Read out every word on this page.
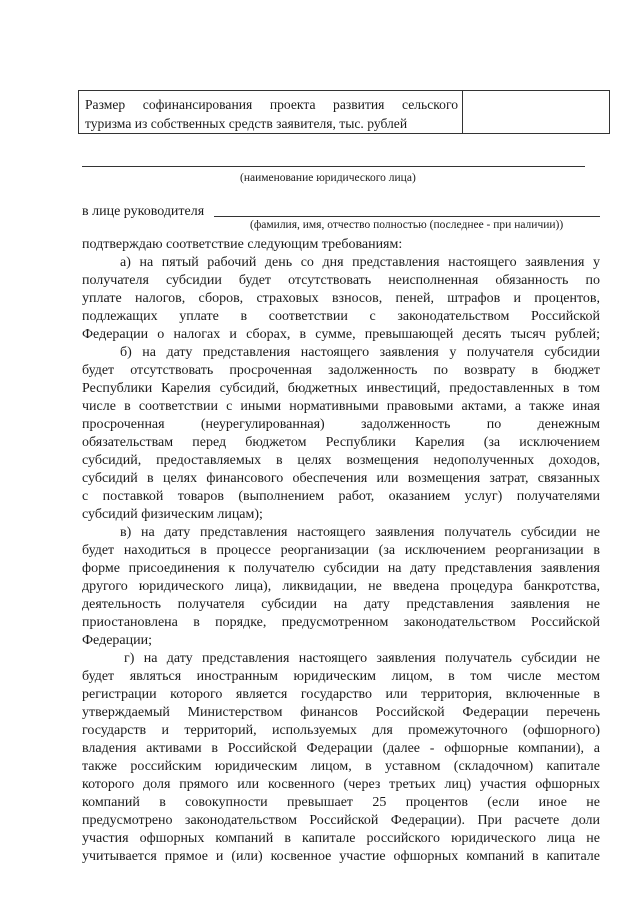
Размер софинансирования проекта развития сельского
туризма из собственных средств заявителя, тыс. рублей
(наименование юридического лица)
в лице руководителя
(фамилия, имя, отчество полностью (последнее - при наличии))
подтверждаю соответствие следующим требованиям:
а) на пятый рабочий день со дня представления настоящего заявления у
получателя субсидии будет отсутствовать неисполненная обязанность по
уплате налогов, сборов, страховых взносов, пеней, штрафов и процентов,
подлежащих уплате в соответствии с законодательством Российской
Федерации о налогах и сборах, в сумме, превышающей десять тысяч рублей;
б) на дату представления настоящего заявления у получателя субсидии
будет отсутствовать просроченная задолженность по возврату в бюджет
Республики Карелия субсидий, бюджетных инвестиций, предоставленных в том
числе в соответствии с иными нормативными правовыми актами, а также иная
просроченная (неурегулированная) задолженность по денежным
обязательствам перед бюджетом Республики Карелия (за исключением
субсидий, предоставляемых в целях возмещения недополученных доходов,
субсидий в целях финансового обеспечения или возмещения затрат, связанных
с поставкой товаров (выполнением работ, оказанием услуг) получателями
субсидий физическим лицам);
в) на дату представления настоящего заявления получатель субсидии не
будет находиться в процессе реорганизации (за исключением реорганизации в
форме присоединения к получателю субсидии на дату представления заявления
другого юридического лица), ликвидации, не введена процедура банкротства,
деятельность получателя субсидии на дату представления заявления не
приостановлена в порядке, предусмотренном законодательством Российской
Федерации;
г) на дату представления настоящего заявления получатель субсидии не
будет являться иностранным юридическим лицом, в том числе местом
регистрации которого является государство или территория, включенные в
утверждаемый Министерством финансов Российской Федерации перечень
государств и территорий, используемых для промежуточного (офшорного)
владения активами в Российской Федерации (далее - офшорные компании), а
также российским юридическим лицом, в уставном (складочном) капитале
которого доля прямого или косвенного (через третьих лиц) участия офшорных
компаний в совокупности превышает 25 процентов (если иное не
предусмотрено законодательством Российской Федерации). При расчете доли
участия офшорных компаний в капитале российского юридического лица не
учитывается прямое и (или) косвенное участие офшорных компаний в капитале
